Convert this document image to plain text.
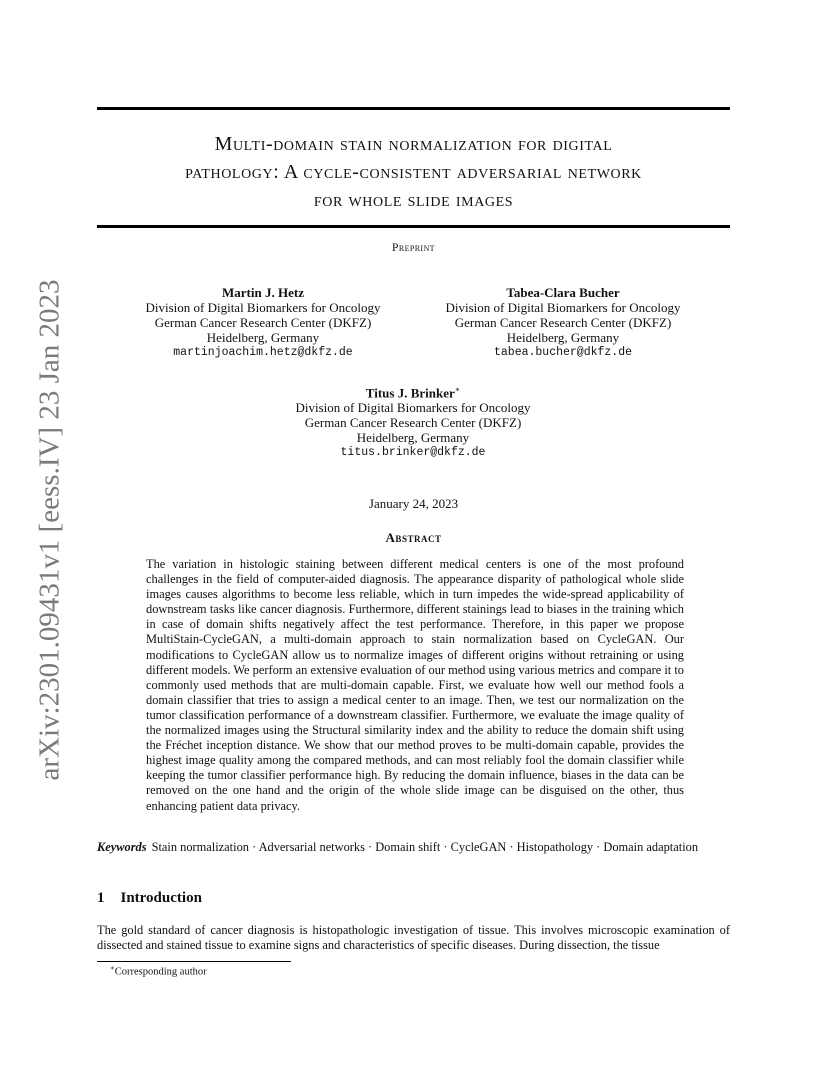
arXiv:2301.09431v1 [eess.IV] 23 Jan 2023
Multi-domain stain normalization for digital
pathology: A cycle-consistent adversarial network
for whole slide images
Preprint
Martin J. Hetz
Division of Digital Biomarkers for Oncology
German Cancer Research Center (DKFZ)
Heidelberg, Germany
martinjoachim.hetz@dkfz.de
Tabea-Clara Bucher
Division of Digital Biomarkers for Oncology
German Cancer Research Center (DKFZ)
Heidelberg, Germany
tabea.bucher@dkfz.de
Titus J. Brinker∗
Division of Digital Biomarkers for Oncology
German Cancer Research Center (DKFZ)
Heidelberg, Germany
titus.brinker@dkfz.de
January 24, 2023
Abstract
The variation in histologic staining between different medical centers is one of the most profound challenges in the field of computer-aided diagnosis. The appearance disparity of pathological whole slide images causes algorithms to become less reliable, which in turn impedes the wide-spread applicability of downstream tasks like cancer diagnosis. Furthermore, different stainings lead to biases in the training which in case of domain shifts negatively affect the test performance. Therefore, in this paper we propose MultiStain-CycleGAN, a multi-domain approach to stain normalization based on CycleGAN. Our modifications to CycleGAN allow us to normalize images of different origins without retraining or using different models. We perform an extensive evaluation of our method using various metrics and compare it to commonly used methods that are multi-domain capable. First, we evaluate how well our method fools a domain classifier that tries to assign a medical center to an image. Then, we test our normalization on the tumor classification performance of a downstream classifier. Furthermore, we evaluate the image quality of the normalized images using the Structural similarity index and the ability to reduce the domain shift using the Fréchet inception distance. We show that our method proves to be multi-domain capable, provides the highest image quality among the compared methods, and can most reliably fool the domain classifier while keeping the tumor classifier performance high. By reducing the domain influence, biases in the data can be removed on the one hand and the origin of the whole slide image can be disguised on the other, thus enhancing patient data privacy.
Keywords Stain normalization · Adversarial networks · Domain shift · CycleGAN · Histopathology · Domain adaptation
1 Introduction
The gold standard of cancer diagnosis is histopathologic investigation of tissue. This involves microscopic examination of dissected and stained tissue to examine signs and characteristics of specific diseases. During dissection, the tissue
∗Corresponding author
